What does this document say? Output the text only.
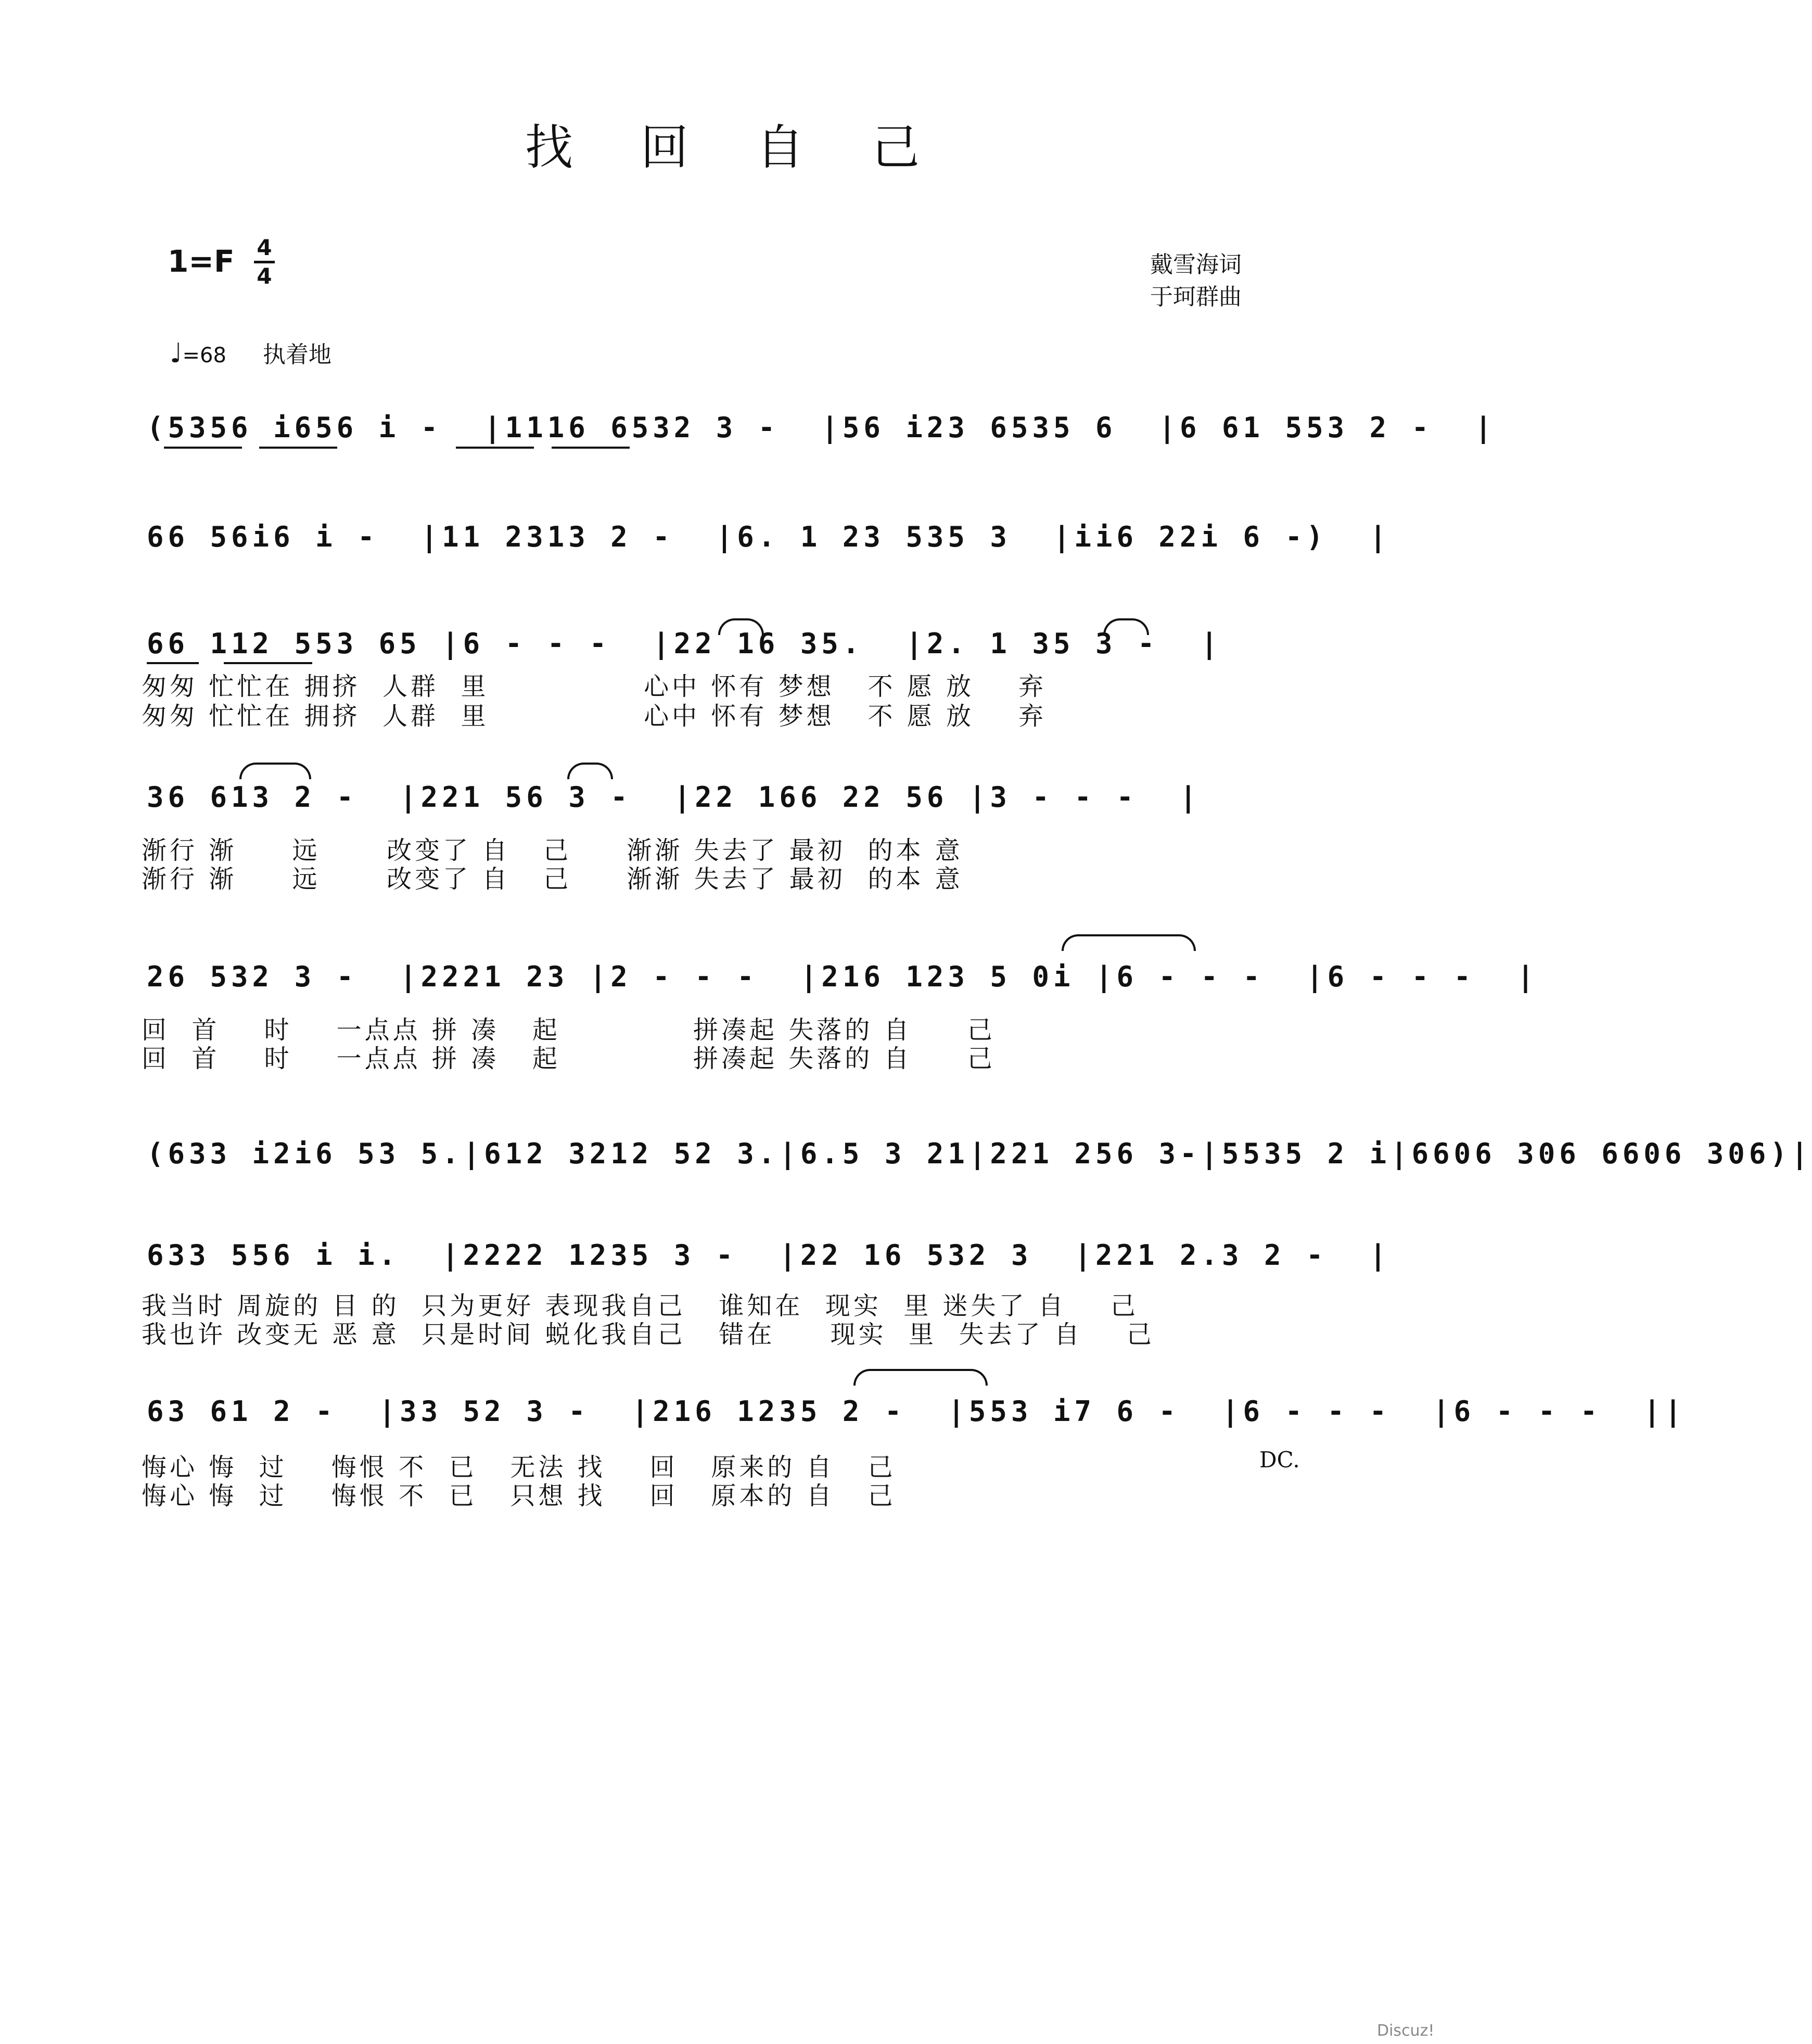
找回自己
1=F 4
4	戴雪海词
于珂群曲
♩=68 执着地
(5356 i656 i -  |1116 6532 3 -  |56 i23 6535 6  |6 61 553 2 -  |
66 56i6 i -  |11 2313 2 -  |6. 1 23 535 3  |ii6 22i 6 -)  |
66 112 553 65 |6 - - -  |22 16 35.  |2. 1 35 3 -  |
匆匆 忙忙在 拥挤  人群  里              心中 怀有 梦想   不 愿 放    弃
匆匆 忙忙在 拥挤  人群  里              心中 怀有 梦想   不 愿 放    弃
36 613 2 -  |221 56 3 -  |22 166 22 56 |3 - - -  |
渐行 渐     远      改变了 自   己     渐渐 失去了 最初  的本 意
渐行 渐     远      改变了 自   己     渐渐 失去了 最初  的本 意
26 532 3 -  |2221 23 |2 - - -  |216 123 5 0i |6 - - -  |6 - - -  |
回  首    时    一点点 拼 凑   起            拼凑起 失落的 自     己
回  首    时    一点点 拼 凑   起            拼凑起 失落的 自     己
(633 i2i6 53 5.|612 3212 52 3.|6.5 3 21|221 256 3-|5535 2 i|6606 306 6606 306)|
633 556 i i.  |2222 1235 3 -  |22 16 532 3  |221 2.3 2 -  |
我当时 周旋的 目 的  只为更好 表现我自己   谁知在  现实  里 迷失了 自    己
我也许 改变无 恶 意  只是时间 蜕化我自己   错在     现实  里  失去了 自    己
63 61 2 -  |33 52 3 -  |216 1235 2 -  |553 i7 6 -  |6 - - -  |6 - - -  ||
悔心 悔  过    悔恨 不  已   无法 找    回   原来的 自   己
悔心 悔  过    悔恨 不  已   只想 找    回   原本的 自   己
DC.
Discuz!
